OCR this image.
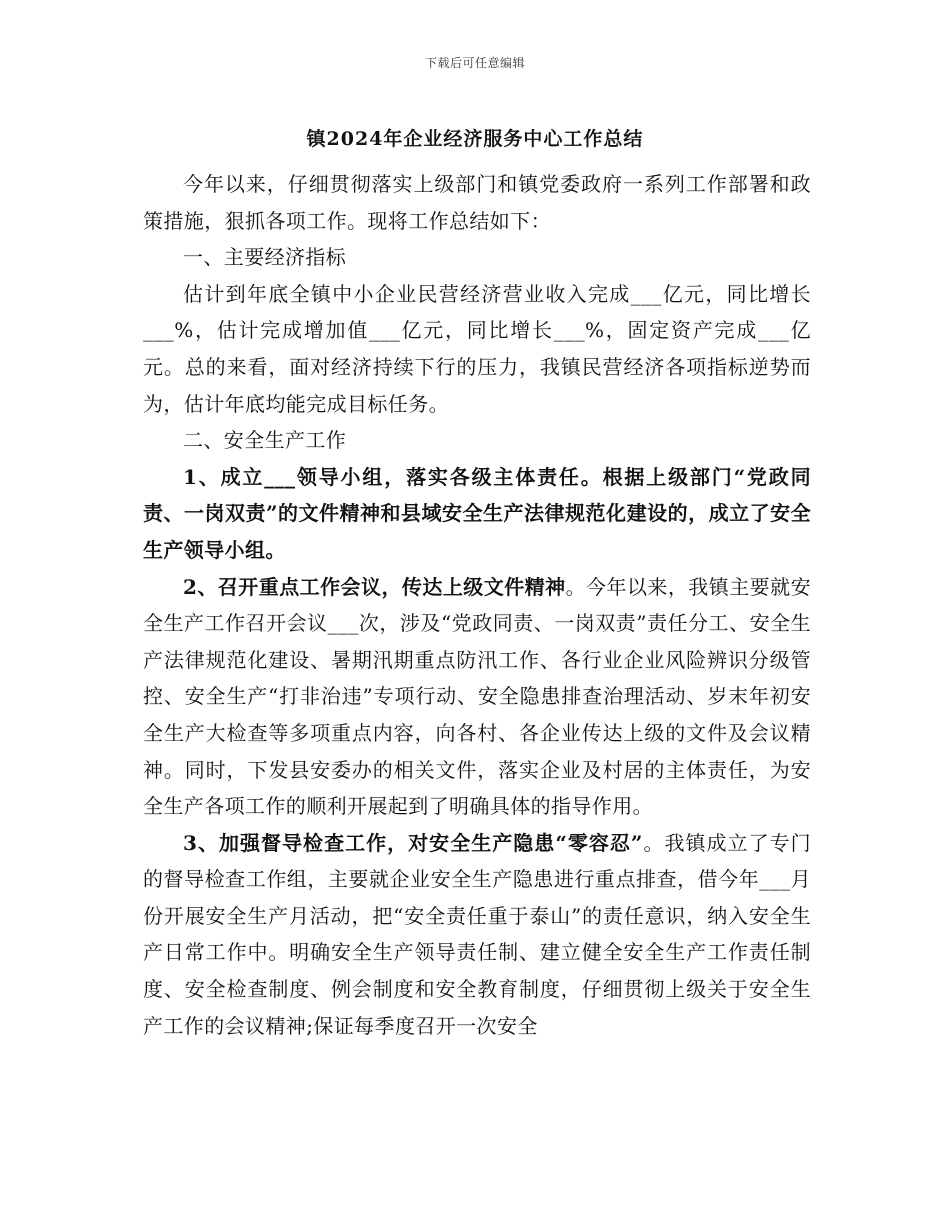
下载后可任意编辑
镇2024年企业经济服务中心工作总结

今年以来，仔细贯彻落实上级部门和镇党委政府一系列工作部署和政策措施，狠抓各项工作。现将工作总结如下：

一、主要经济指标

估计到年底全镇中小企业民营经济营业收入完成___亿元，同比增长___%，估计完成增加值___亿元，同比增长___%，固定资产完成___亿元。总的来看，面对经济持续下行的压力，我镇民营经济各项指标逆势而为，估计年底均能完成目标任务。

二、安全生产工作

1、成立___领导小组，落实各级主体责任。根据上级部门“党政同责、一岗双责”的文件精神和县域安全生产法律规范化建设的，成立了安全生产领导小组。

2、召开重点工作会议，传达上级文件精神。今年以来，我镇主要就安全生产工作召开会议___次，涉及“党政同责、一岗双责”责任分工、安全生产法律规范化建设、暑期汛期重点防汛工作、各行业企业风险辨识分级管控、安全生产“打非治违”专项行动、安全隐患排查治理活动、岁末年初安全生产大检查等多项重点内容，向各村、各企业传达上级的文件及会议精神。同时，下发县安委办的相关文件，落实企业及村居的主体责任，为安全生产各项工作的顺利开展起到了明确具体的指导作用。

3、加强督导检查工作，对安全生产隐患“零容忍”。我镇成立了专门的督导检查工作组，主要就企业安全生产隐患进行重点排查，借今年___月份开展安全生产月活动，把“安全责任重于泰山”的责任意识，纳入安全生产日常工作中。明确安全生产领导责任制、建立健全安全生产工作责任制度、安全检查制度、例会制度和安全教育制度，仔细贯彻上级关于安全生产工作的会议精神;保证每季度召开一次安全
